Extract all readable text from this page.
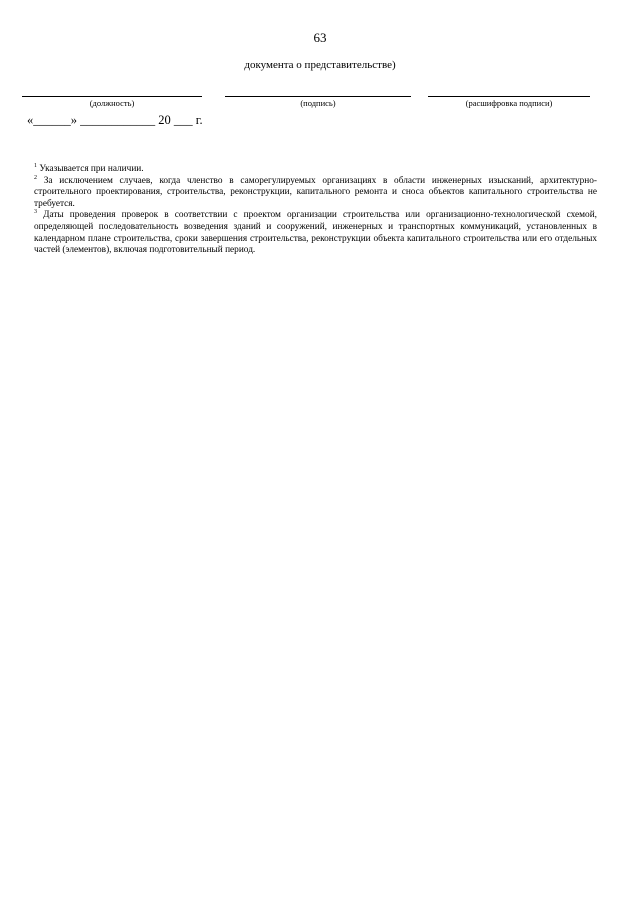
63
документа о представительстве)
(должность)	(подпись)	(расшифровка подписи)
«______» ____________ 20 ___ г.

$^1$ Указывается при наличии.

$^2$ За исключением случаев, когда членство в саморегулируемых организациях в области инженерных изысканий, архитектурно-строительного проектирования, строительства, реконструкции, капитального ремонта и сноса объектов капитального строительства не требуется.

$^3$ Даты проведения проверок в соответствии с проектом организации строительства или организационно-технологической схемой, определяющей последовательность возведения зданий и сооружений, инженерных и транспортных коммуникаций, установленных в календарном плане строительства, сроки завершения строительства, реконструкции объекта капитального строительства или его отдельных частей (элементов), включая подготовительный период.
